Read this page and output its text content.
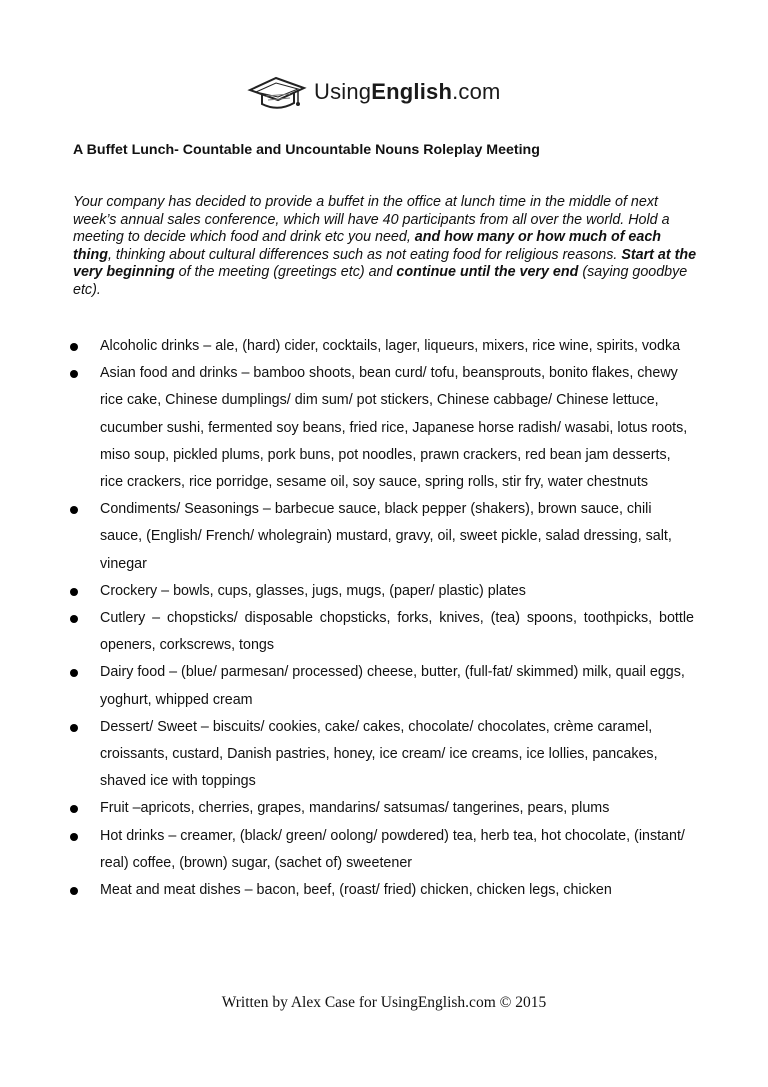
UsingEnglish.com
A Buffet Lunch- Countable and Uncountable Nouns Roleplay Meeting

Your company has decided to provide a buffet in the office at lunch time in the middle of next week’s annual sales conference, which will have 40 participants from all over the world. Hold a meeting to decide which food and drink etc you need, and how many or how much of each thing, thinking about cultural differences such as not eating food for religious reasons. Start at the very beginning of the meeting (greetings etc) and continue until the very end (saying goodbye etc).

Alcoholic drinks – ale, (hard) cider, cocktails, lager, liqueurs, mixers, rice wine, spirits, vodka
Asian food and drinks – bamboo shoots, bean curd/ tofu, beansprouts, bonito flakes, chewy rice cake, Chinese dumplings/ dim sum/ pot stickers, Chinese cabbage/ Chinese lettuce, cucumber sushi, fermented soy beans, fried rice, Japanese horse radish/ wasabi, lotus roots, miso soup, pickled plums, pork buns, pot noodles, prawn crackers, red bean jam desserts, rice crackers, rice porridge, sesame oil, soy sauce, spring rolls, stir fry, water chestnuts
Condiments/ Seasonings – barbecue sauce, black pepper (shakers), brown sauce, chili sauce, (English/ French/ wholegrain) mustard, gravy, oil, sweet pickle, salad dressing, salt, vinegar
Crockery – bowls, cups, glasses, jugs, mugs, (paper/ plastic) plates
Cutlery – chopsticks/ disposable chopsticks, forks, knives, (tea) spoons, toothpicks, bottle openers, corkscrews, tongs
Dairy food – (blue/ parmesan/ processed) cheese, butter, (full-fat/ skimmed) milk, quail eggs, yoghurt, whipped cream
Dessert/ Sweet – biscuits/ cookies, cake/ cakes, chocolate/ chocolates, crème caramel, croissants, custard, Danish pastries, honey, ice cream/ ice creams, ice lollies, pancakes, shaved ice with toppings
Fruit –apricots, cherries, grapes, mandarins/ satsumas/ tangerines, pears, plums
Hot drinks – creamer, (black/ green/ oolong/ powdered) tea, herb tea, hot chocolate, (instant/ real) coffee, (brown) sugar, (sachet of) sweetener
Meat and meat dishes – bacon, beef, (roast/ fried) chicken, chicken legs, chicken

Written by Alex Case for UsingEnglish.com © 2015
